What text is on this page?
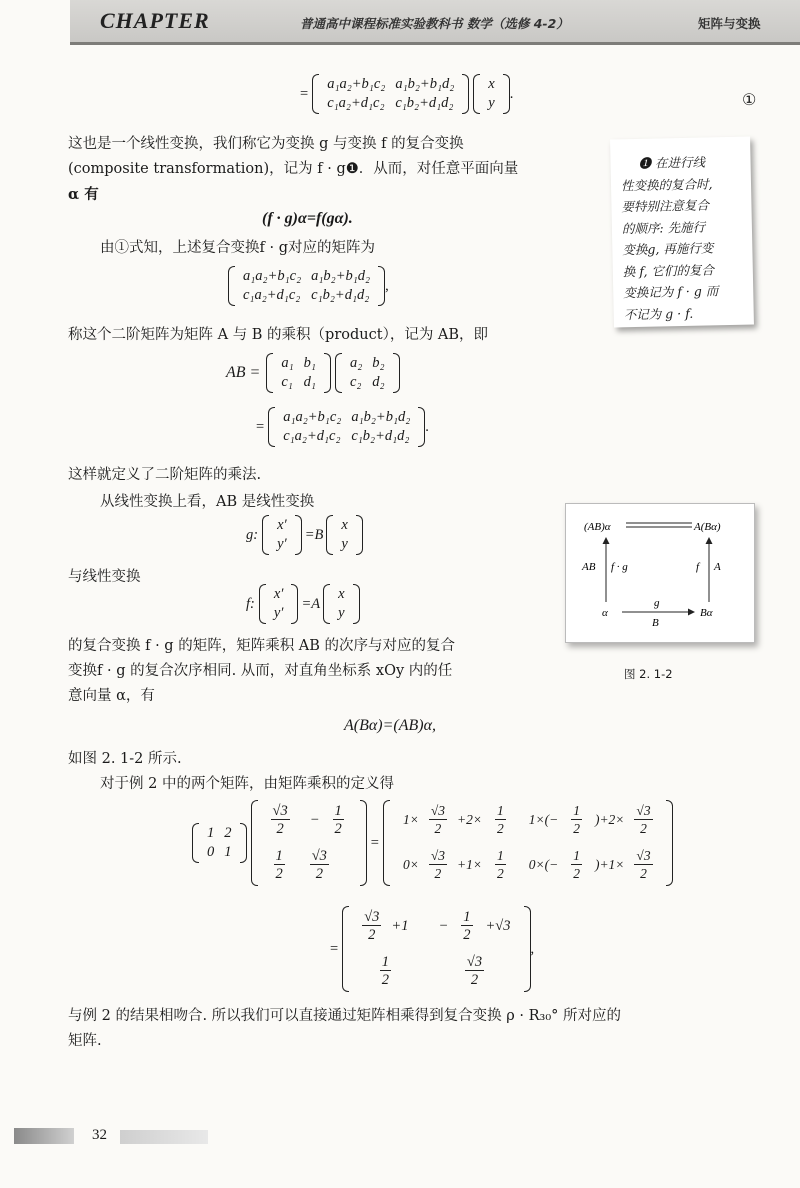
CHAPTER	普通高中课程标准实验教科书 数学（选修 4-2）	矩阵与变换
=
a₁a₂+b₁c₂ a₁b₂+b₁d₂
c₁a₂+d₁c₂ c₁b₂+d₁d₂
x
y
.	①
这也是一个线性变换，我们称它为变换 g 与变换 f 的复合变换
(composite transformation)，记为 f · g❶．从而，对任意平面向量
α 有
(f · g)α=f(gα).
由①式知，上述复合变换f · g对应的矩阵为
a₁a₂+b₁c₂ a₁b₂+b₁d₂
c₁a₂+d₁c₂ c₁b₂+d₁d₂
,
称这个二阶矩阵为矩阵 A 与 B 的乘积（product），记为 AB，即
AB =
a₁ b₁
c₁ d₁
a₂ b₂
c₂ d₂
=
a₁a₂+b₁c₂ a₁b₂+b₁d₂
c₁a₂+d₁c₂ c₁b₂+d₁d₂
.
这样就定义了二阶矩阵的乘法.
从线性变换上看，AB 是线性变换
g:
x′
y′
=B
x
y
与线性变换
f:
x′
y′
=A
x
y
的复合变换 f · g 的矩阵，矩阵乘积 AB 的次序与对应的复合
变换f · g 的复合次序相同. 从而，对直角坐标系 xOy 内的任
意向量 α，有
A(Bα)=(AB)α,
如图 2. 1-2 所示.
对于例 2 中的两个矩阵，由矩阵乘积的定义得
1 2
0 1
$\frac{√3}{2}$	− $\frac{1}{2}$
$\frac{1}{2} \frac{√3}{2}$
=
$1\times \frac{√3}{2} +2\times \frac{1}{2}$	$1\times(- \frac{1}{2} )+2\times \frac{√3}{2}$
$0\times \frac{√3}{2} +1\times \frac{1}{2}$	$0\times(- \frac{1}{2} )+1\times \frac{√3}{2}$
=
$\frac{√3}{2} +1$	− $\frac{1}{2} +√3$
$\frac{1}{2}$	$\frac{√3}{2}$
,
与例 2 的结果相吻合. 所以我们可以直接通过矩阵相乘得到复合变换 ρ · R₃₀° 所对应的
矩阵.
❶ 在进行线
性变换的复合时,
要特别注意复合
的顺序: 先施行
变换g, 再施行变
换 f, 它们的复合
变换记为 f · g 而
不记为 g · f.
(AB)α	A(Bα)
AB f · g	f A
α	Bα
g
B
图 2. 1-2
32
